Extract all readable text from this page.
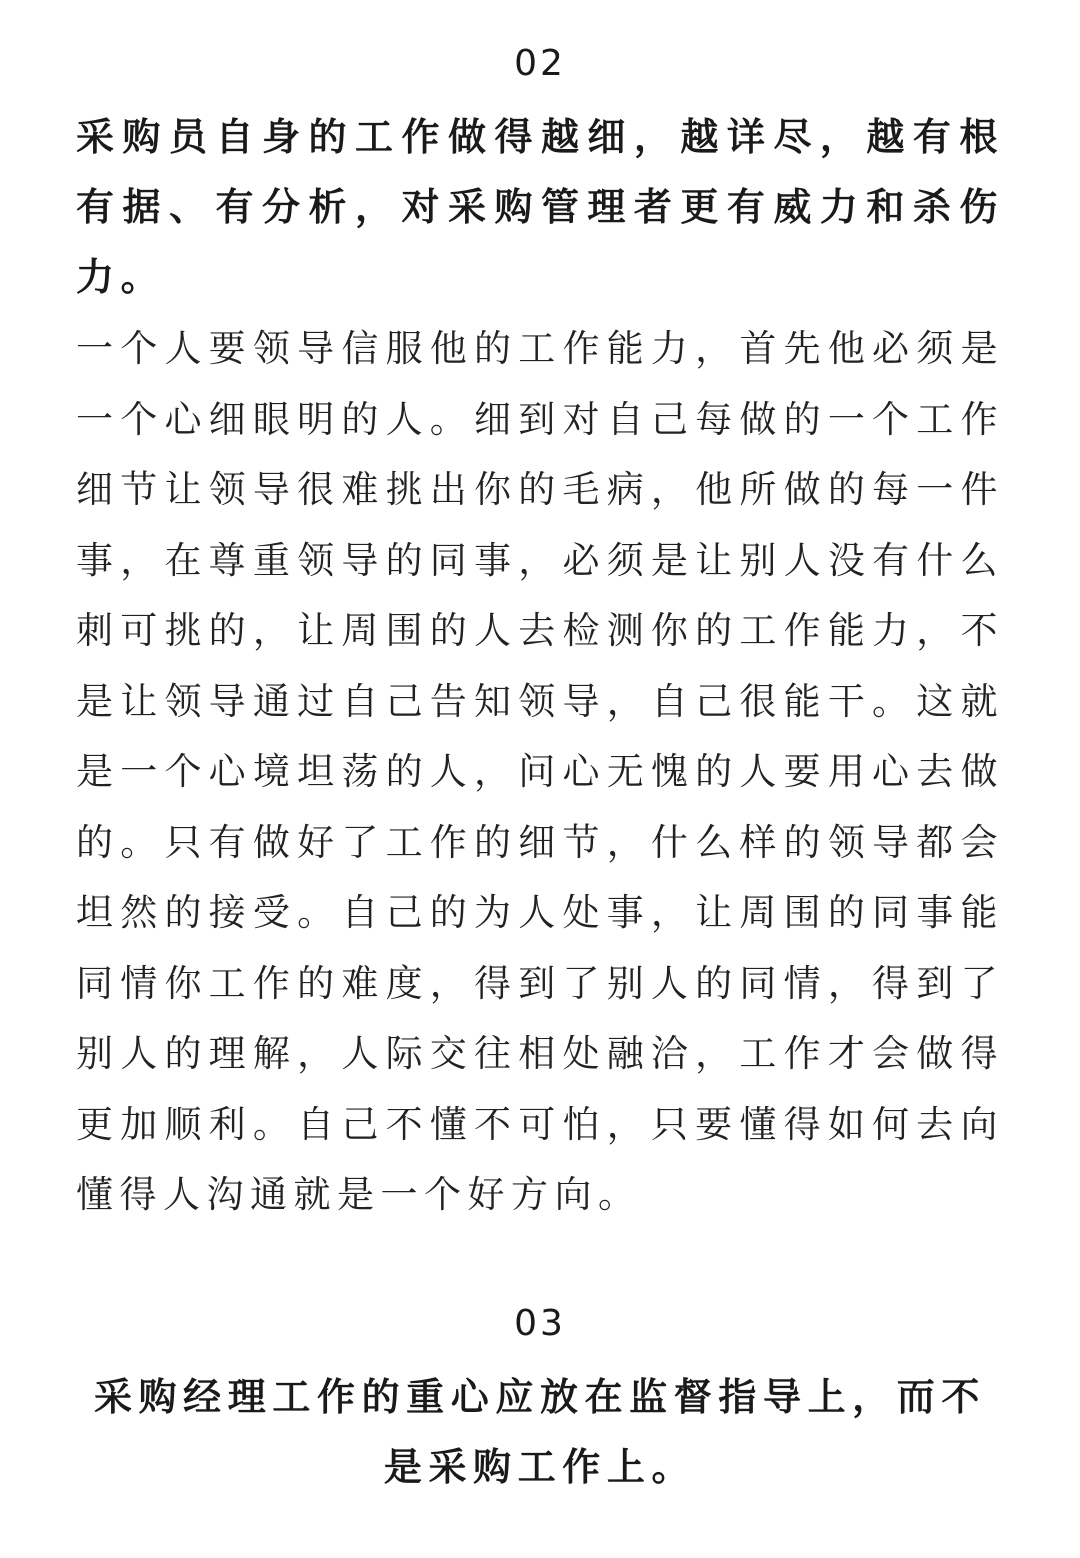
02

采购员自身的工作做得越细，越详尽，越有根有据、有分析，对采购管理者更有威力和杀伤力。

一个人要领导信服他的工作能力，首先他必须是一个心细眼明的人。细到对自己每做的一个工作细节让领导很难挑出你的毛病，他所做的每一件事，在尊重领导的同事，必须是让别人没有什么刺可挑的，让周围的人去检测你的工作能力，不是让领导通过自己告知领导，自己很能干。这就是一个心境坦荡的人，问心无愧的人要用心去做的。只有做好了工作的细节，什么样的领导都会坦然的接受。自己的为人处事，让周围的同事能同情你工作的难度，得到了别人的同情，得到了别人的理解，人际交往相处融洽，工作才会做得更加顺利。自己不懂不可怕，只要懂得如何去向懂得人沟通就是一个好方向。

03

采购经理工作的重心应放在监督指导上，而不是采购工作上。
